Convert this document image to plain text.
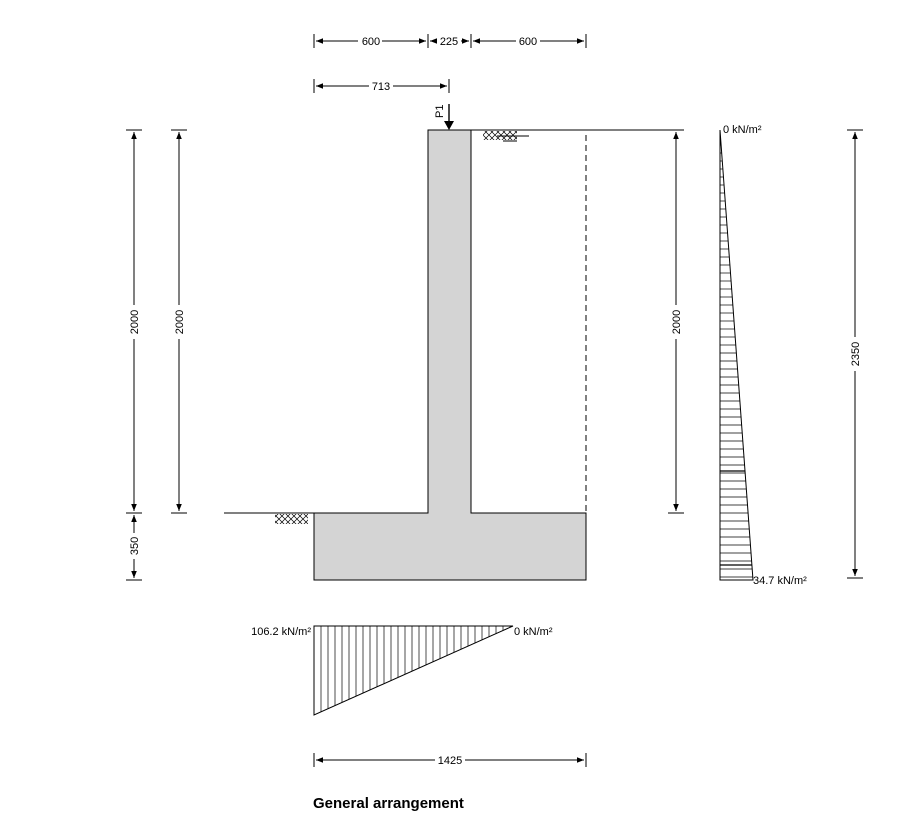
600	225	600
713
P1
2000
350
2000	2000
0 kN/m²
34.7 kN/m²
2350
106.2 kN/m²	0 kN/m²
1425
General arrangement
